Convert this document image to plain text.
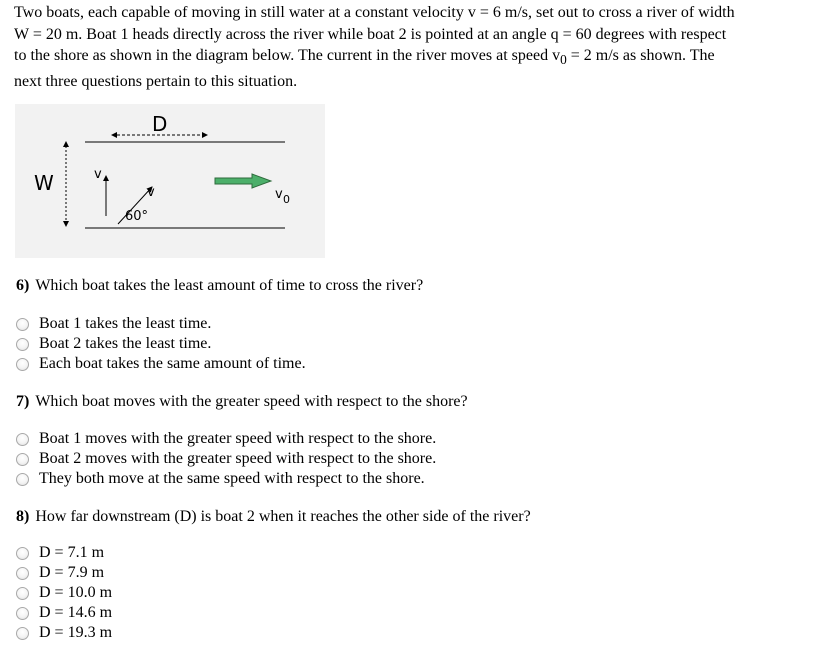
Two boats, each capable of moving in still water at a constant velocity v = 6 m/s, set out to cross a river of width
W = 20 m. Boat 1 heads directly across the river while boat 2 is pointed at an angle q = 60 degrees with respect
to the shore as shown in the diagram below. The current in the river moves at speed $v_0 = 2$ m/s as shown. The
next three questions pertain to this situation.
D
W	v
v
60°
v 0
6) Which boat takes the least amount of time to cross the river?
Boat 1 takes the least time.
Boat 2 takes the least time.
Each boat takes the same amount of time.
7) Which boat moves with the greater speed with respect to the shore?
Boat 1 moves with the greater speed with respect to the shore.
Boat 2 moves with the greater speed with respect to the shore.
They both move at the same speed with respect to the shore.
8) How far downstream (D) is boat 2 when it reaches the other side of the river?
D = 7.1 m
D = 7.9 m
D = 10.0 m
D = 14.6 m
D = 19.3 m
